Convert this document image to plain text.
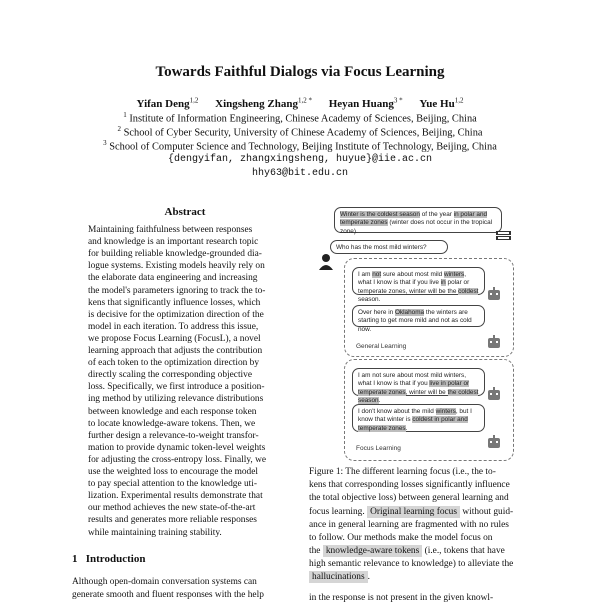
Towards Faithful Dialogs via Focus Learning
Yifan Deng$^{1,2}$ Xingsheng Zhang$^{1,2 *}$ Heyan Huang$^{3 *}$ Yue Hu$^{1,2}$
$^1$ Institute of Information Engineering, Chinese Academy of Sciences, Beijing, China
$^2$ School of Cyber Security, University of Chinese Academy of Sciences, Beijing, China
$^3$ School of Computer Science and Technology, Beijing Institute of Technology, Beijing, China
{dengyifan, zhangxingsheng, huyue}@iie.ac.cn
hhy63@bit.edu.cn
Abstract
Maintaining faithfulness between responses
and knowledge is an important research topic
for building reliable knowledge-grounded dia-
logue systems. Existing models heavily rely on
the elaborate data engineering and increasing
the model's parameters ignoring to track the to-
kens that significantly influence losses, which
is decisive for the optimization direction of the
model in each iteration. To address this issue,
we propose Focus Learning (FocusL), a novel
learning approach that adjusts the contribution
of each token to the optimization direction by
directly scaling the corresponding objective
loss. Specifically, we first introduce a position-
ing method by utilizing relevance distributions
between knowledge and each response token
to locate knowledge-aware tokens. Then, we
further design a relevance-to-weight transfor-
mation to provide dynamic token-level weights
for adjusting the cross-entropy loss. Finally, we
use the weighted loss to encourage the model
to pay special attention to the knowledge uti-
lization. Experimental results demonstrate that
our method achieves the new state-of-the-art
results and generates more reliable responses
while maintaining training stability.
1 Introduction
Although open-domain conversation systems can
generate smooth and fluent responses with the help
Winter is the coldest season of the year in polar and temperate zones (winter does not occur in the tropical zone).
Who has the most mild winters?
I am not sure about most mild winters, what I know is that if you live in polar or temperate zones, winter will be the coldest season.
Over here in Oklahoma the winters are starting to get more mild and not as cold now.
General Learning
I am not sure about most mild winters, what I know is that if you live in polar or temperate zones, winter will be the coldest season.
I don't know about the mild winters, but I know that winter is coldest in polar and temperate zones.
Focus Learning
Figure 1: The different learning focus (i.e., the to-
kens that corresponding losses significantly influence
the total objective loss) between general learning and
focus learning. Original learning focus without guid-
ance in general learning are fragmented with no rules
to follow. Our methods make the model focus on
the knowledge-aware tokens (i.e., tokens that have
high semantic relevance to knowledge) to alleviate the
hallucinations .
in the response is not present in the given knowl-
